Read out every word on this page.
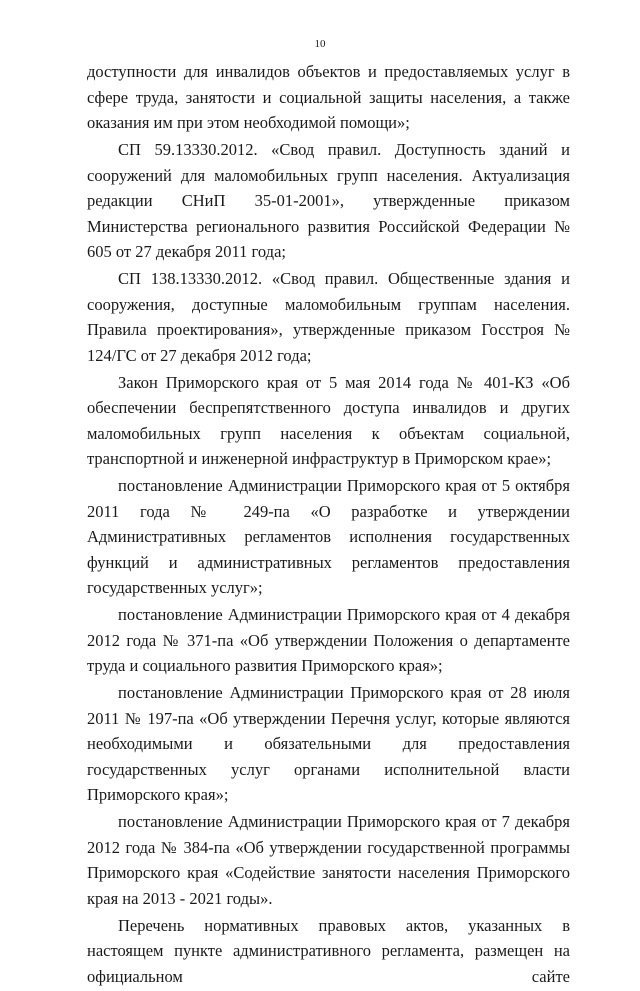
10

доступности для инвалидов объектов и предоставляемых услуг в сфере труда, занятости и социальной защиты населения, а также оказания им при этом необходимой помощи»;

СП 59.13330.2012. «Свод правил. Доступность зданий и сооружений для маломобильных групп населения. Актуализация редакции СНиП 35-01-2001», утвержденные приказом Министерства регионального развития Российской Федерации № 605 от 27 декабря 2011 года;

СП 138.13330.2012. «Свод правил. Общественные здания и сооружения, доступные маломобильным группам населения. Правила проектирования», утвержденные приказом Госстроя № 124/ГС от 27 декабря 2012 года;

Закон Приморского края от 5 мая 2014 года № 401-КЗ «Об обеспечении беспрепятственного доступа инвалидов и других маломобильных групп населения к объектам социальной, транспортной и инженерной инфраструктур в Приморском крае»;

постановление Администрации Приморского края от 5 октября 2011 года № 249-па «О разработке и утверждении Административных регламентов исполнения государственных функций и административных регламентов предоставления государственных услуг»;

постановление Администрации Приморского края от 4 декабря 2012 года № 371-па «Об утверждении Положения о департаменте труда и социального развития Приморского края»;

постановление Администрации Приморского края от 28 июля 2011 № 197-па «Об утверждении Перечня услуг, которые являются необходимыми и обязательными для предоставления государственных услуг органами исполнительной власти Приморского края»;

постановление Администрации Приморского края от 7 декабря 2012 года № 384-па «Об утверждении государственной программы Приморского края «Содействие занятости населения Приморского края на 2013 - 2021 годы».

Перечень нормативных правовых актов, указанных в настоящем пункте административного регламента, размещен на официальном сайте
